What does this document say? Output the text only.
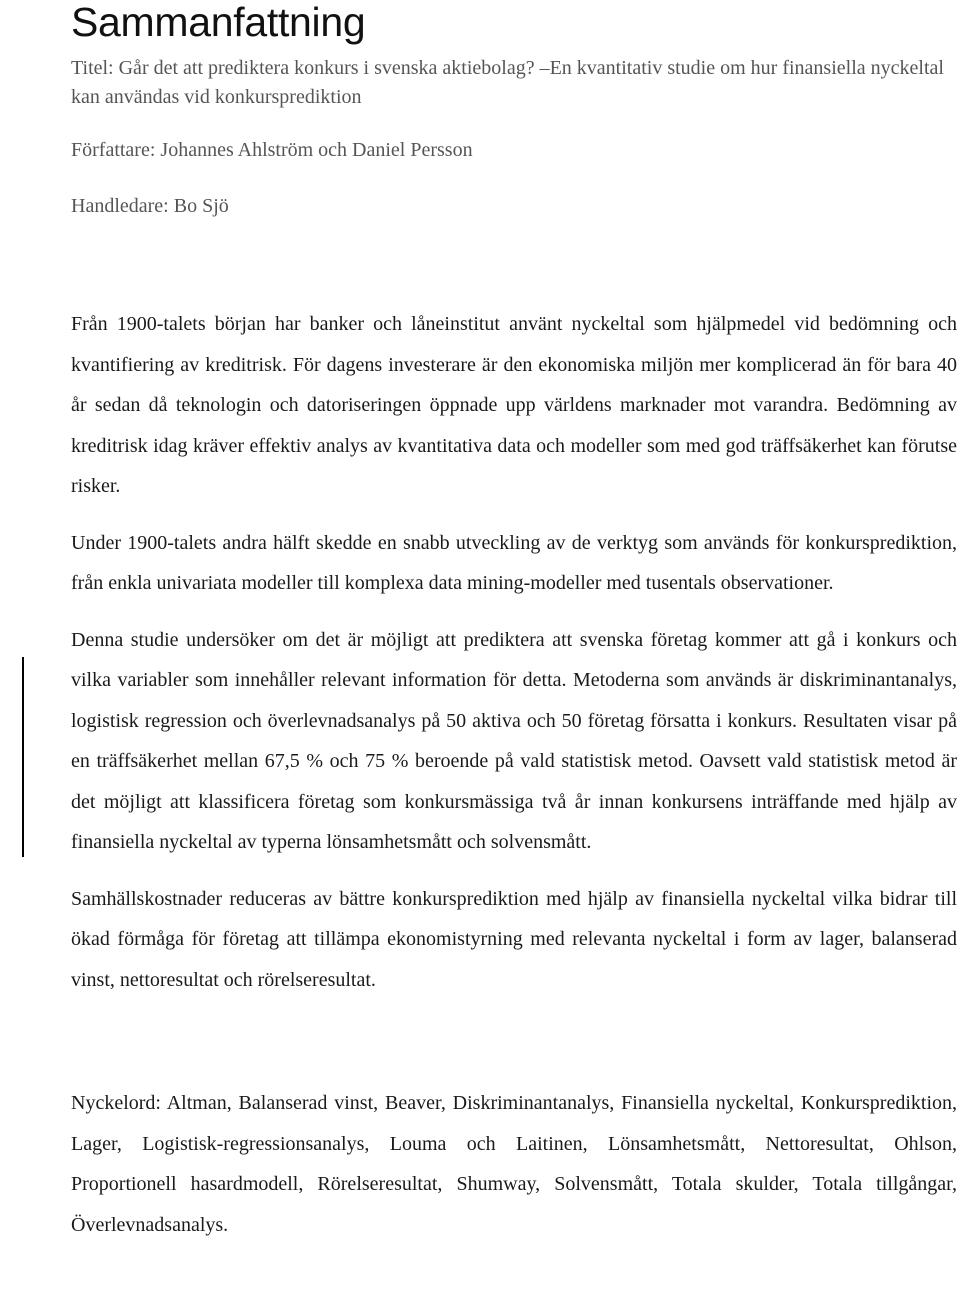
Sammanfattning

Titel: Går det att prediktera konkurs i svenska aktiebolag? –En kvantitativ studie om hur finansiella nyckeltal kan användas vid konkursprediktion

Författare: Johannes Ahlström och Daniel Persson

Handledare: Bo Sjö

Från 1900-talets början har banker och låneinstitut använt nyckeltal som hjälpmedel vid bedömning och kvantifiering av kreditrisk. För dagens investerare är den ekonomiska miljön mer komplicerad än för bara 40 år sedan då teknologin och datoriseringen öppnade upp världens marknader mot varandra. Bedömning av kreditrisk idag kräver effektiv analys av kvantitativa data och modeller som med god träffsäkerhet kan förutse risker.

Under 1900-talets andra hälft skedde en snabb utveckling av de verktyg som används för konkursprediktion, från enkla univariata modeller till komplexa data mining-modeller med tusentals observationer.

Denna studie undersöker om det är möjligt att prediktera att svenska företag kommer att gå i konkurs och vilka variabler som innehåller relevant information för detta. Metoderna som används är diskriminantanalys, logistisk regression och överlevnadsanalys på 50 aktiva och 50 företag försatta i konkurs. Resultaten visar på en träffsäkerhet mellan 67,5 % och 75 % beroende på vald statistisk metod. Oavsett vald statistisk metod är det möjligt att klassificera företag som konkursmässiga två år innan konkursens inträffande med hjälp av finansiella nyckeltal av typerna lönsamhetsmått och solvensmått.

Samhällskostnader reduceras av bättre konkursprediktion med hjälp av finansiella nyckeltal vilka bidrar till ökad förmåga för företag att tillämpa ekonomistyrning med relevanta nyckeltal i form av lager, balanserad vinst, nettoresultat och rörelseresultat.

Nyckelord: Altman, Balanserad vinst, Beaver, Diskriminantanalys, Finansiella nyckeltal, Konkursprediktion, Lager, Logistisk-regressionsanalys, Louma och Laitinen, Lönsamhetsmått, Nettoresultat, Ohlson, Proportionell hasardmodell, Rörelseresultat, Shumway, Solvensmått, Totala skulder, Totala tillgångar, Överlevnadsanalys.
